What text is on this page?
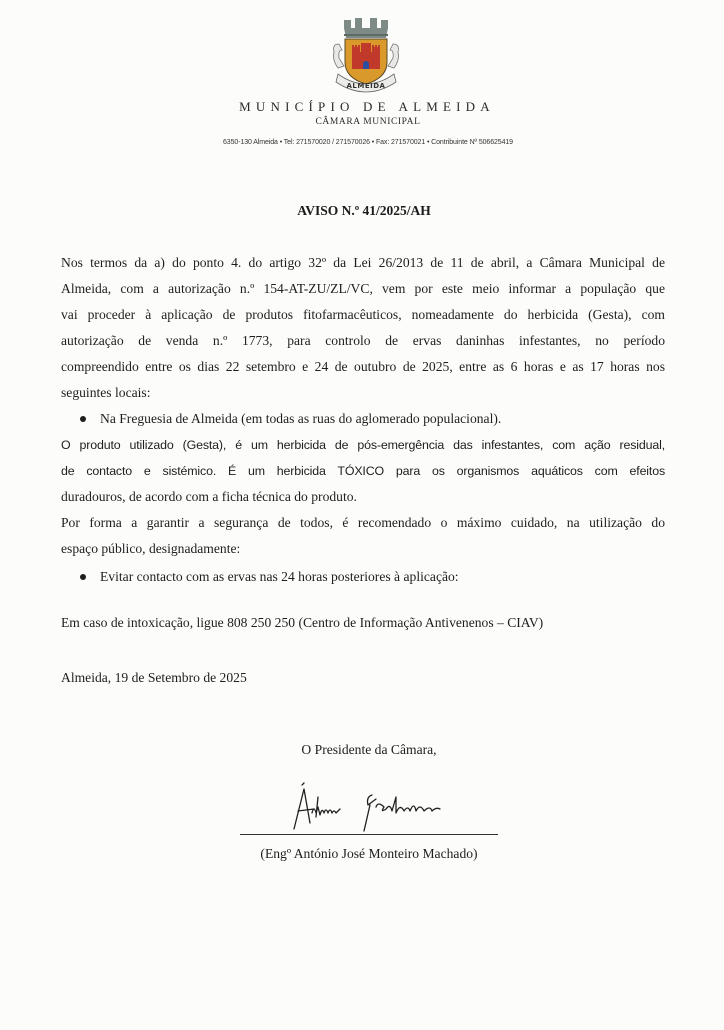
ALMEIDA
MUNICÍPIO DE ALMEIDA
CÂMARA MUNICIPAL
6350-130 Almeida • Tel: 271570020 / 271570026 • Fax: 271570021 • Contribuinte Nº 506625419
AVISO N.º 41/2025/AH
Nos termos da a) do ponto 4. do artigo 32º da Lei 26/2013 de 11 de abril, a Câmara Municipal de
Almeida, com a autorização n.º 154-AT-ZU/ZL/VC, vem por este meio informar a população que
vai proceder à aplicação de produtos fitofarmacêuticos, nomeadamente do herbicida (Gesta), com
autorização de venda n.º 1773, para controlo de ervas daninhas infestantes, no período
compreendido entre os dias 22 setembro e 24 de outubro de 2025, entre as 6 horas e as 17 horas nos
seguintes locais:
Na Freguesia de Almeida (em todas as ruas do aglomerado populacional).
O produto utilizado (Gesta), é um herbicida de pós-emergência das infestantes, com ação residual,
de contacto e sistémico. É um herbicida TÓXICO para os organismos aquáticos com efeitos
duradouros, de acordo com a ficha técnica do produto.
Por forma a garantir a segurança de todos, é recomendado o máximo cuidado, na utilização do
espaço público, designadamente:
Evitar contacto com as ervas nas 24 horas posteriores à aplicação:
Em caso de intoxicação, ligue 808 250 250 (Centro de Informação Antivenenos – CIAV)
Almeida, 19 de Setembro de 2025
O Presidente da Câmara,
(Engº António José Monteiro Machado)
